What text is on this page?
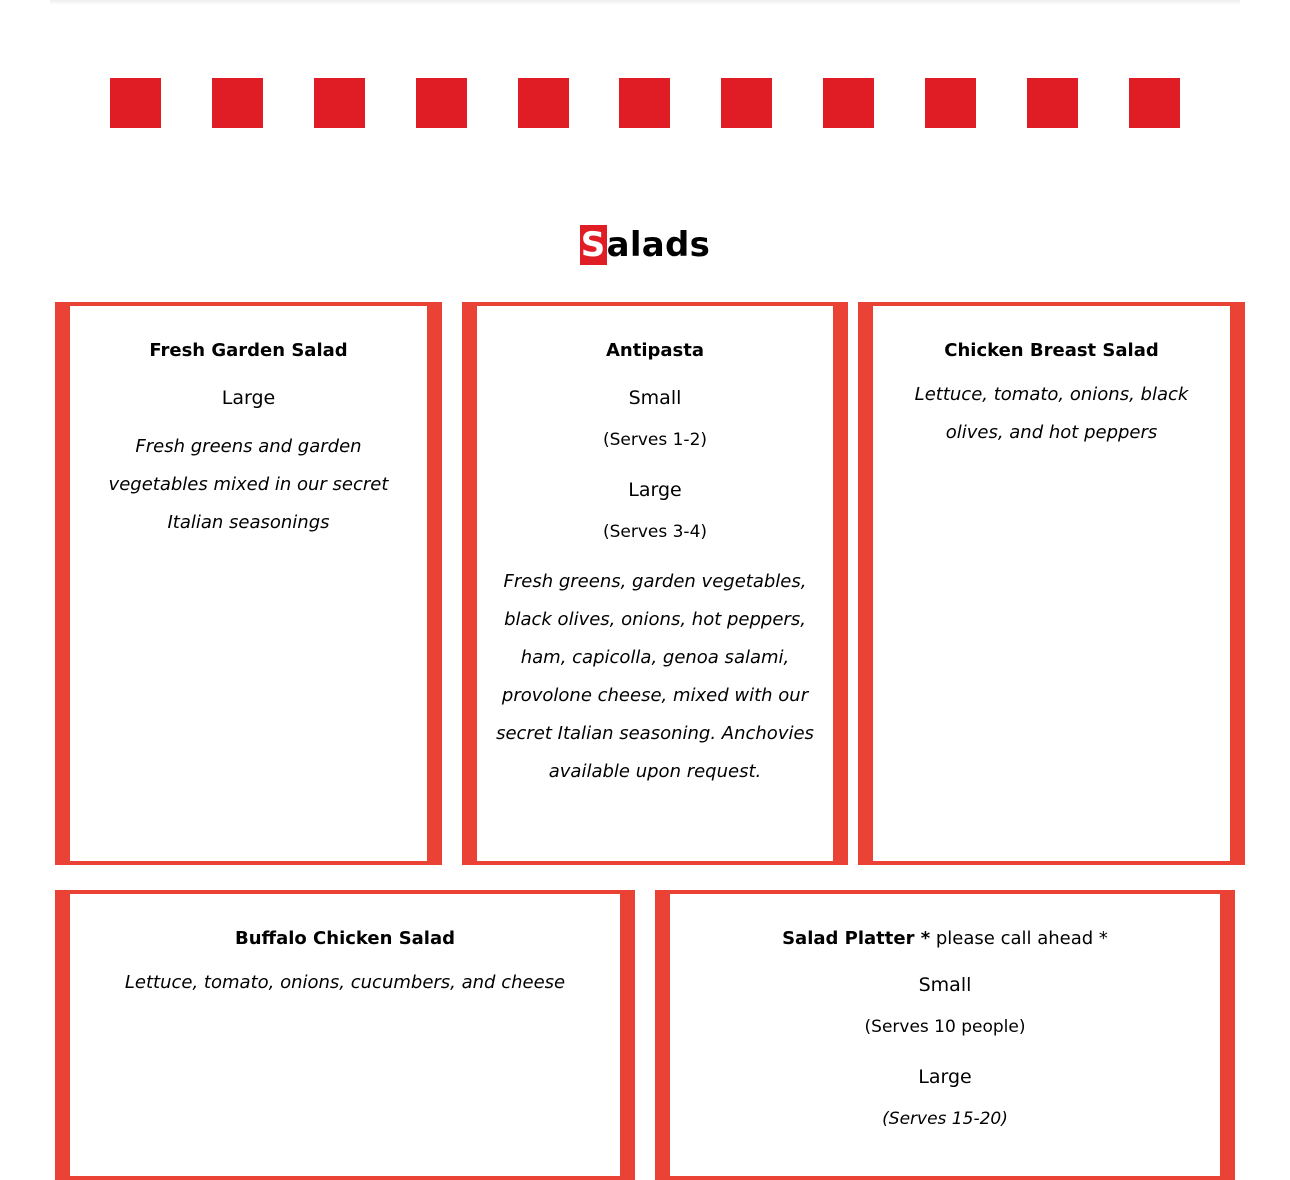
Salads
Fresh Garden Salad
Large
Fresh greens and garden vegetables mixed in our secret Italian seasonings
Antipasta
Small
(Serves 1-2)
Large
(Serves 3-4)
Fresh greens, garden vegetables, black olives, onions, hot peppers, ham, capicolla, genoa salami, provolone cheese, mixed with our secret Italian seasoning. Anchovies available upon request.
Chicken Breast Salad
Lettuce, tomato, onions, black olives, and hot peppers
Buffalo Chicken Salad
Lettuce, tomato, onions, cucumbers, and cheese
Salad Platter * please call ahead *
Small
(Serves 10 people)
Large
(Serves 15-20)
